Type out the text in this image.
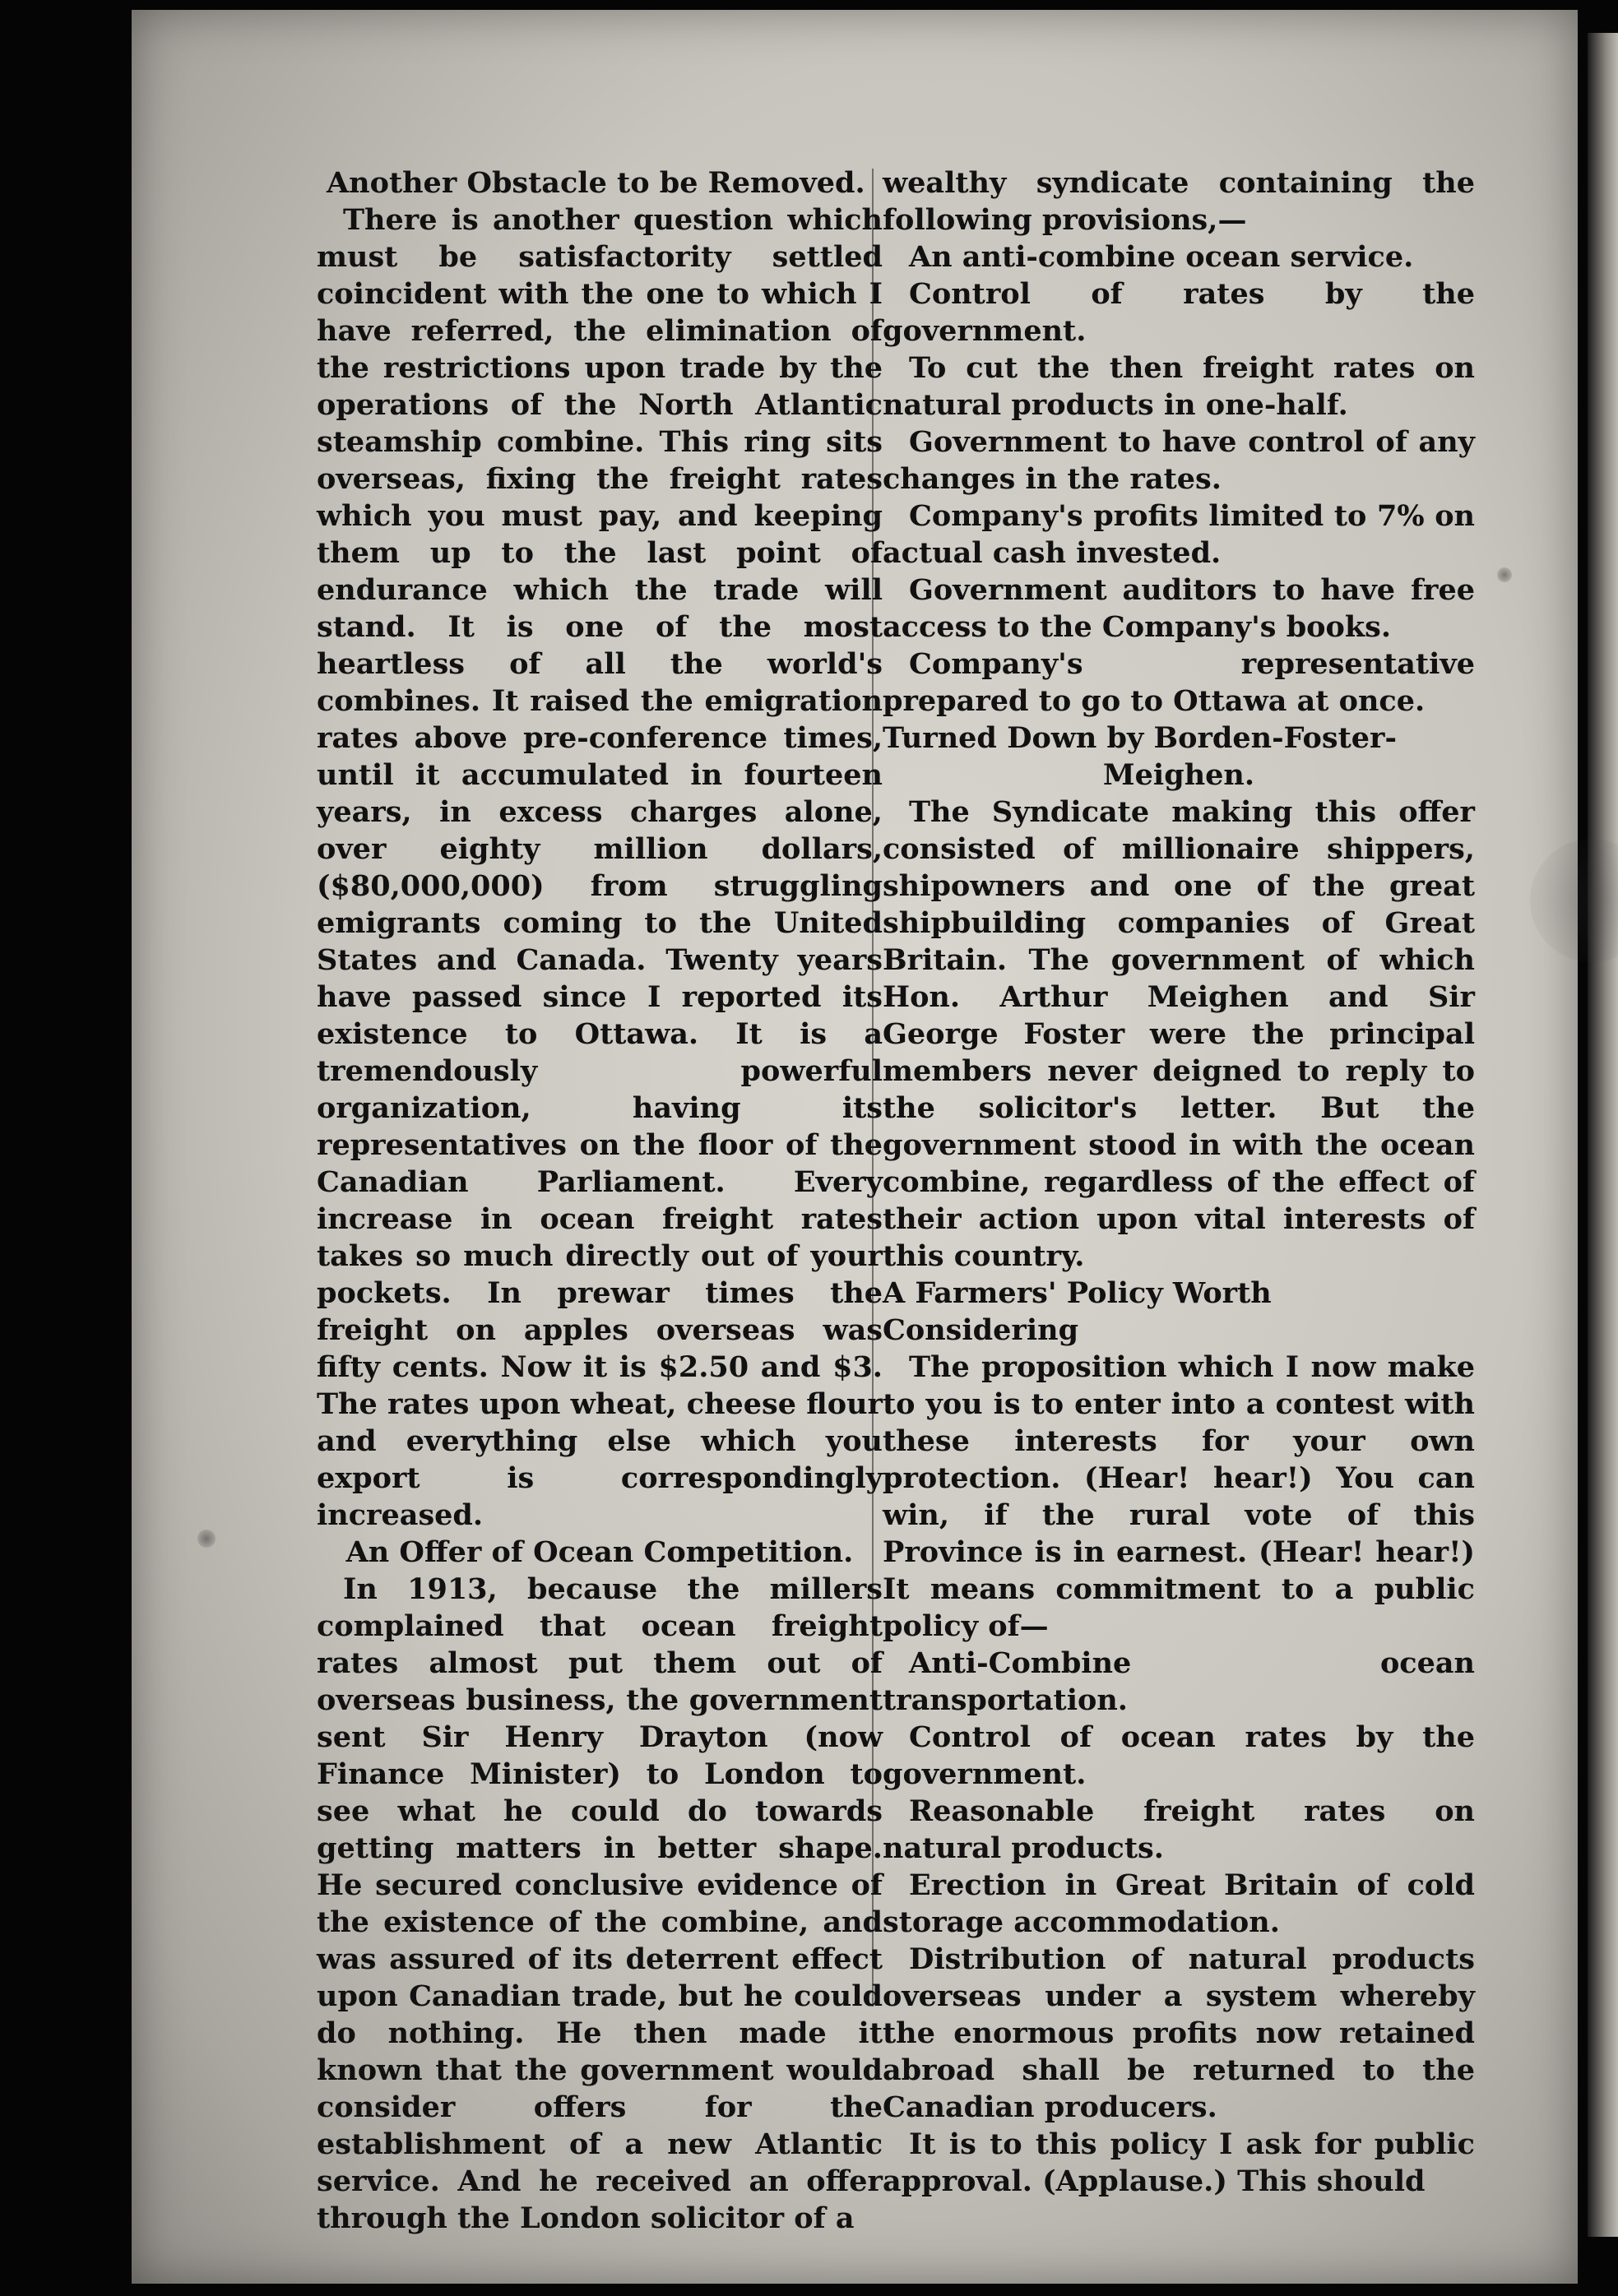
Another Obstacle to be Removed.

There is another question which must be satisfactority settled coincident with the one to which I have referred, the elimination of the restrictions upon trade by the operations of the North Atlantic steamship combine. This ring sits overseas, fixing the freight rates which you must pay, and keeping them up to the last point of endurance which the trade will stand. It is one of the most heartless of all the world's combines. It raised the emigration rates above pre-conference times, until it accumulated in fourteen years, in excess charges alone, over eighty million dollars, ($80,000,000) from struggling emigrants coming to the United States and Canada. Twenty years have passed since I reported its existence to Ottawa. It is a tremendously powerful organization, having its representatives on the floor of the Canadian Parliament. Every increase in ocean freight rates takes so much directly out of your pockets. In prewar times the freight on apples overseas was fifty cents. Now it is $2.50 and $3. The rates upon wheat, cheese flour and everything else which you export is correspondingly increased.

An Offer of Ocean Competition.

In 1913, because the millers complained that ocean freight rates almost put them out of overseas business, the government sent Sir Henry Drayton (now Finance Minister) to London to see what he could do towards getting matters in better shape. He secured conclusive evidence of the existence of the combine, and was assured of its deterrent effect upon Canadian trade, but he could do nothing. He then made it known that the government would consider offers for the establishment of a new Atlantic service. And he received an offer through the London solicitor of a

wealthy syndicate containing the following provisions,—

An anti-combine ocean service.
Control of rates by the government.
To cut the then freight rates on natural products in one-half.
Government to have control of any changes in the rates.
Company's profits limited to 7% on actual cash invested.
Government auditors to have free access to the Company's books.
Company's representative prepared to go to Ottawa at once.
Turned Down by Borden-Foster-
Meighen.

The Syndicate making this offer consisted of millionaire shippers, shipowners and one of the great shipbuilding companies of Great Britain. The government of which Hon. Arthur Meighen and Sir George Foster were the principal members never deigned to reply to the solicitor's letter. But the government stood in with the ocean combine, regardless of the effect of their action upon vital interests of this country.

A Farmers' Policy Worth Considering

The proposition which I now make to you is to enter into a contest with these interests for your own protection. (Hear! hear!) You can win, if the rural vote of this Province is in earnest. (Hear! hear!) It means commitment to a public policy of—

Anti-Combine ocean transportation.
Control of ocean rates by the government.
Reasonable freight rates on natural products.
Erection in Great Britain of cold storage accommodation.
Distribution of natural products overseas under a system whereby the enormous profits now retained abroad shall be returned to the Canadian producers.

It is to this policy I ask for public approval. (Applause.) This should
